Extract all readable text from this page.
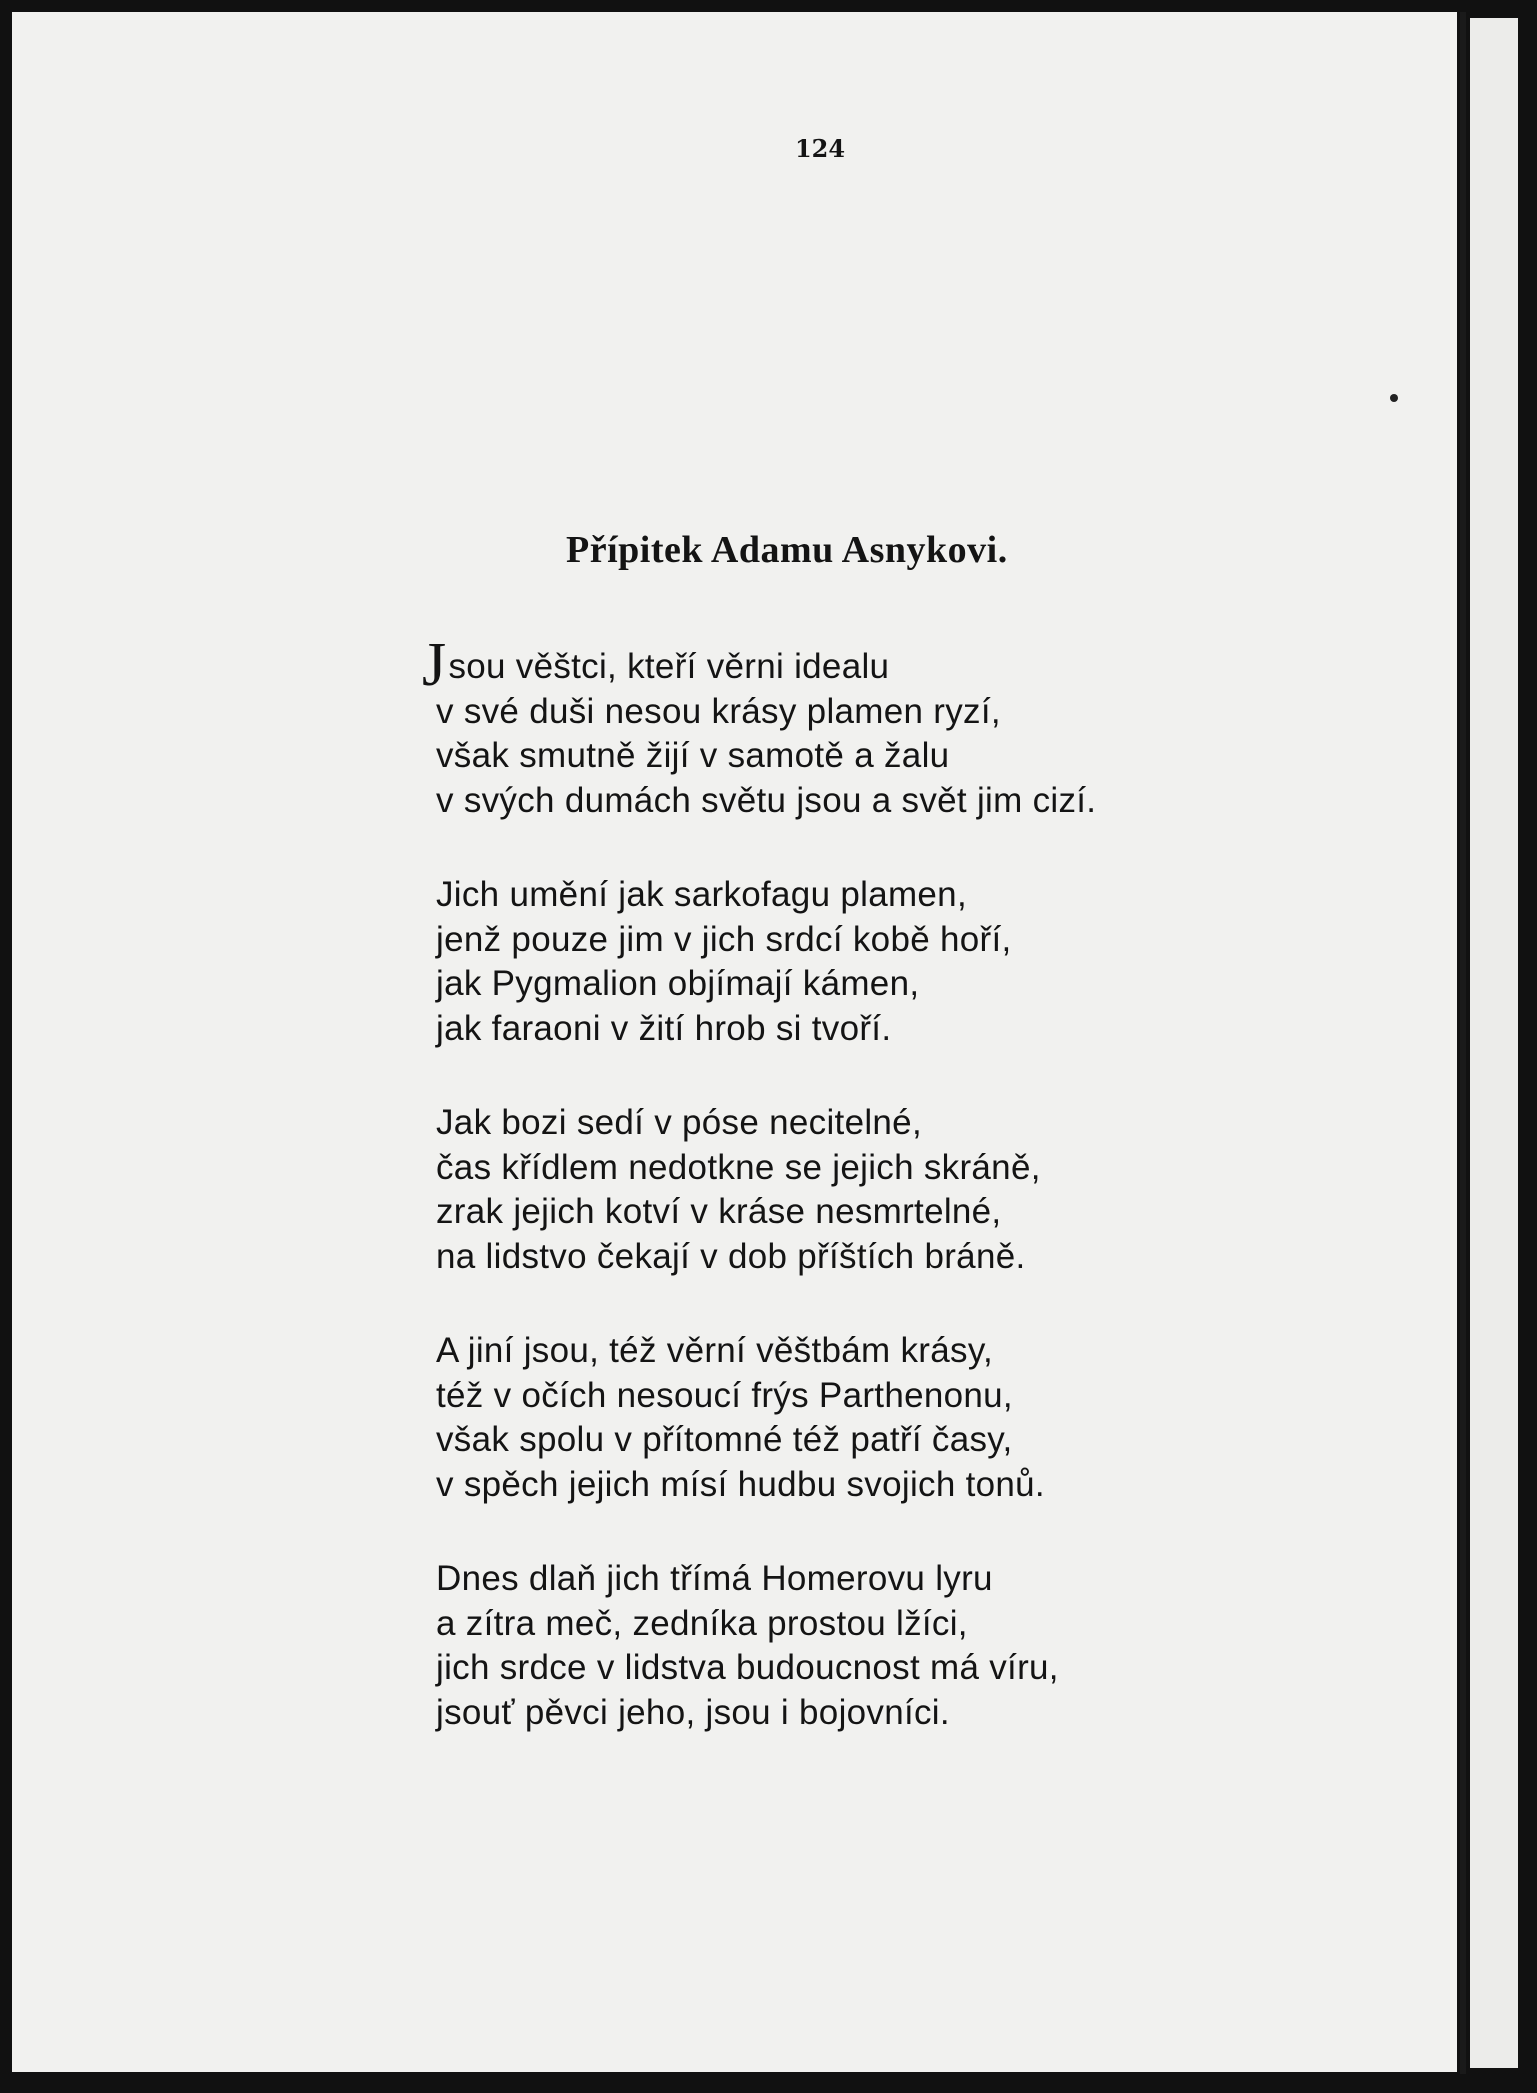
124
Přípitek Adamu Asnykovi.
Jsou věštci, kteří věrni idealu
v své duši nesou krásy plamen ryzí,
však smutně žijí v samotě a žalu
v svých dumách světu jsou a svět jim cizí.
Jich umění jak sarkofagu plamen,
jenž pouze jim v jich srdcí kobě hoří,
jak Pygmalion objímají kámen,
jak faraoni v žití hrob si tvoří.
Jak bozi sedí v póse necitelné,
čas křídlem nedotkne se jejich skráně,
zrak jejich kotví v kráse nesmrtelné,
na lidstvo čekají v dob příštích bráně.
A jiní jsou, též věrní věštbám krásy,
též v očích nesoucí frýs Parthenonu,
však spolu v přítomné též patří časy,
v spěch jejich mísí hudbu svojich tonů.
Dnes dlaň jich třímá Homerovu lyru
a zítra meč, zedníka prostou lžíci,
jich srdce v lidstva budoucnost má víru,
jsouť pěvci jeho, jsou i bojovníci.
